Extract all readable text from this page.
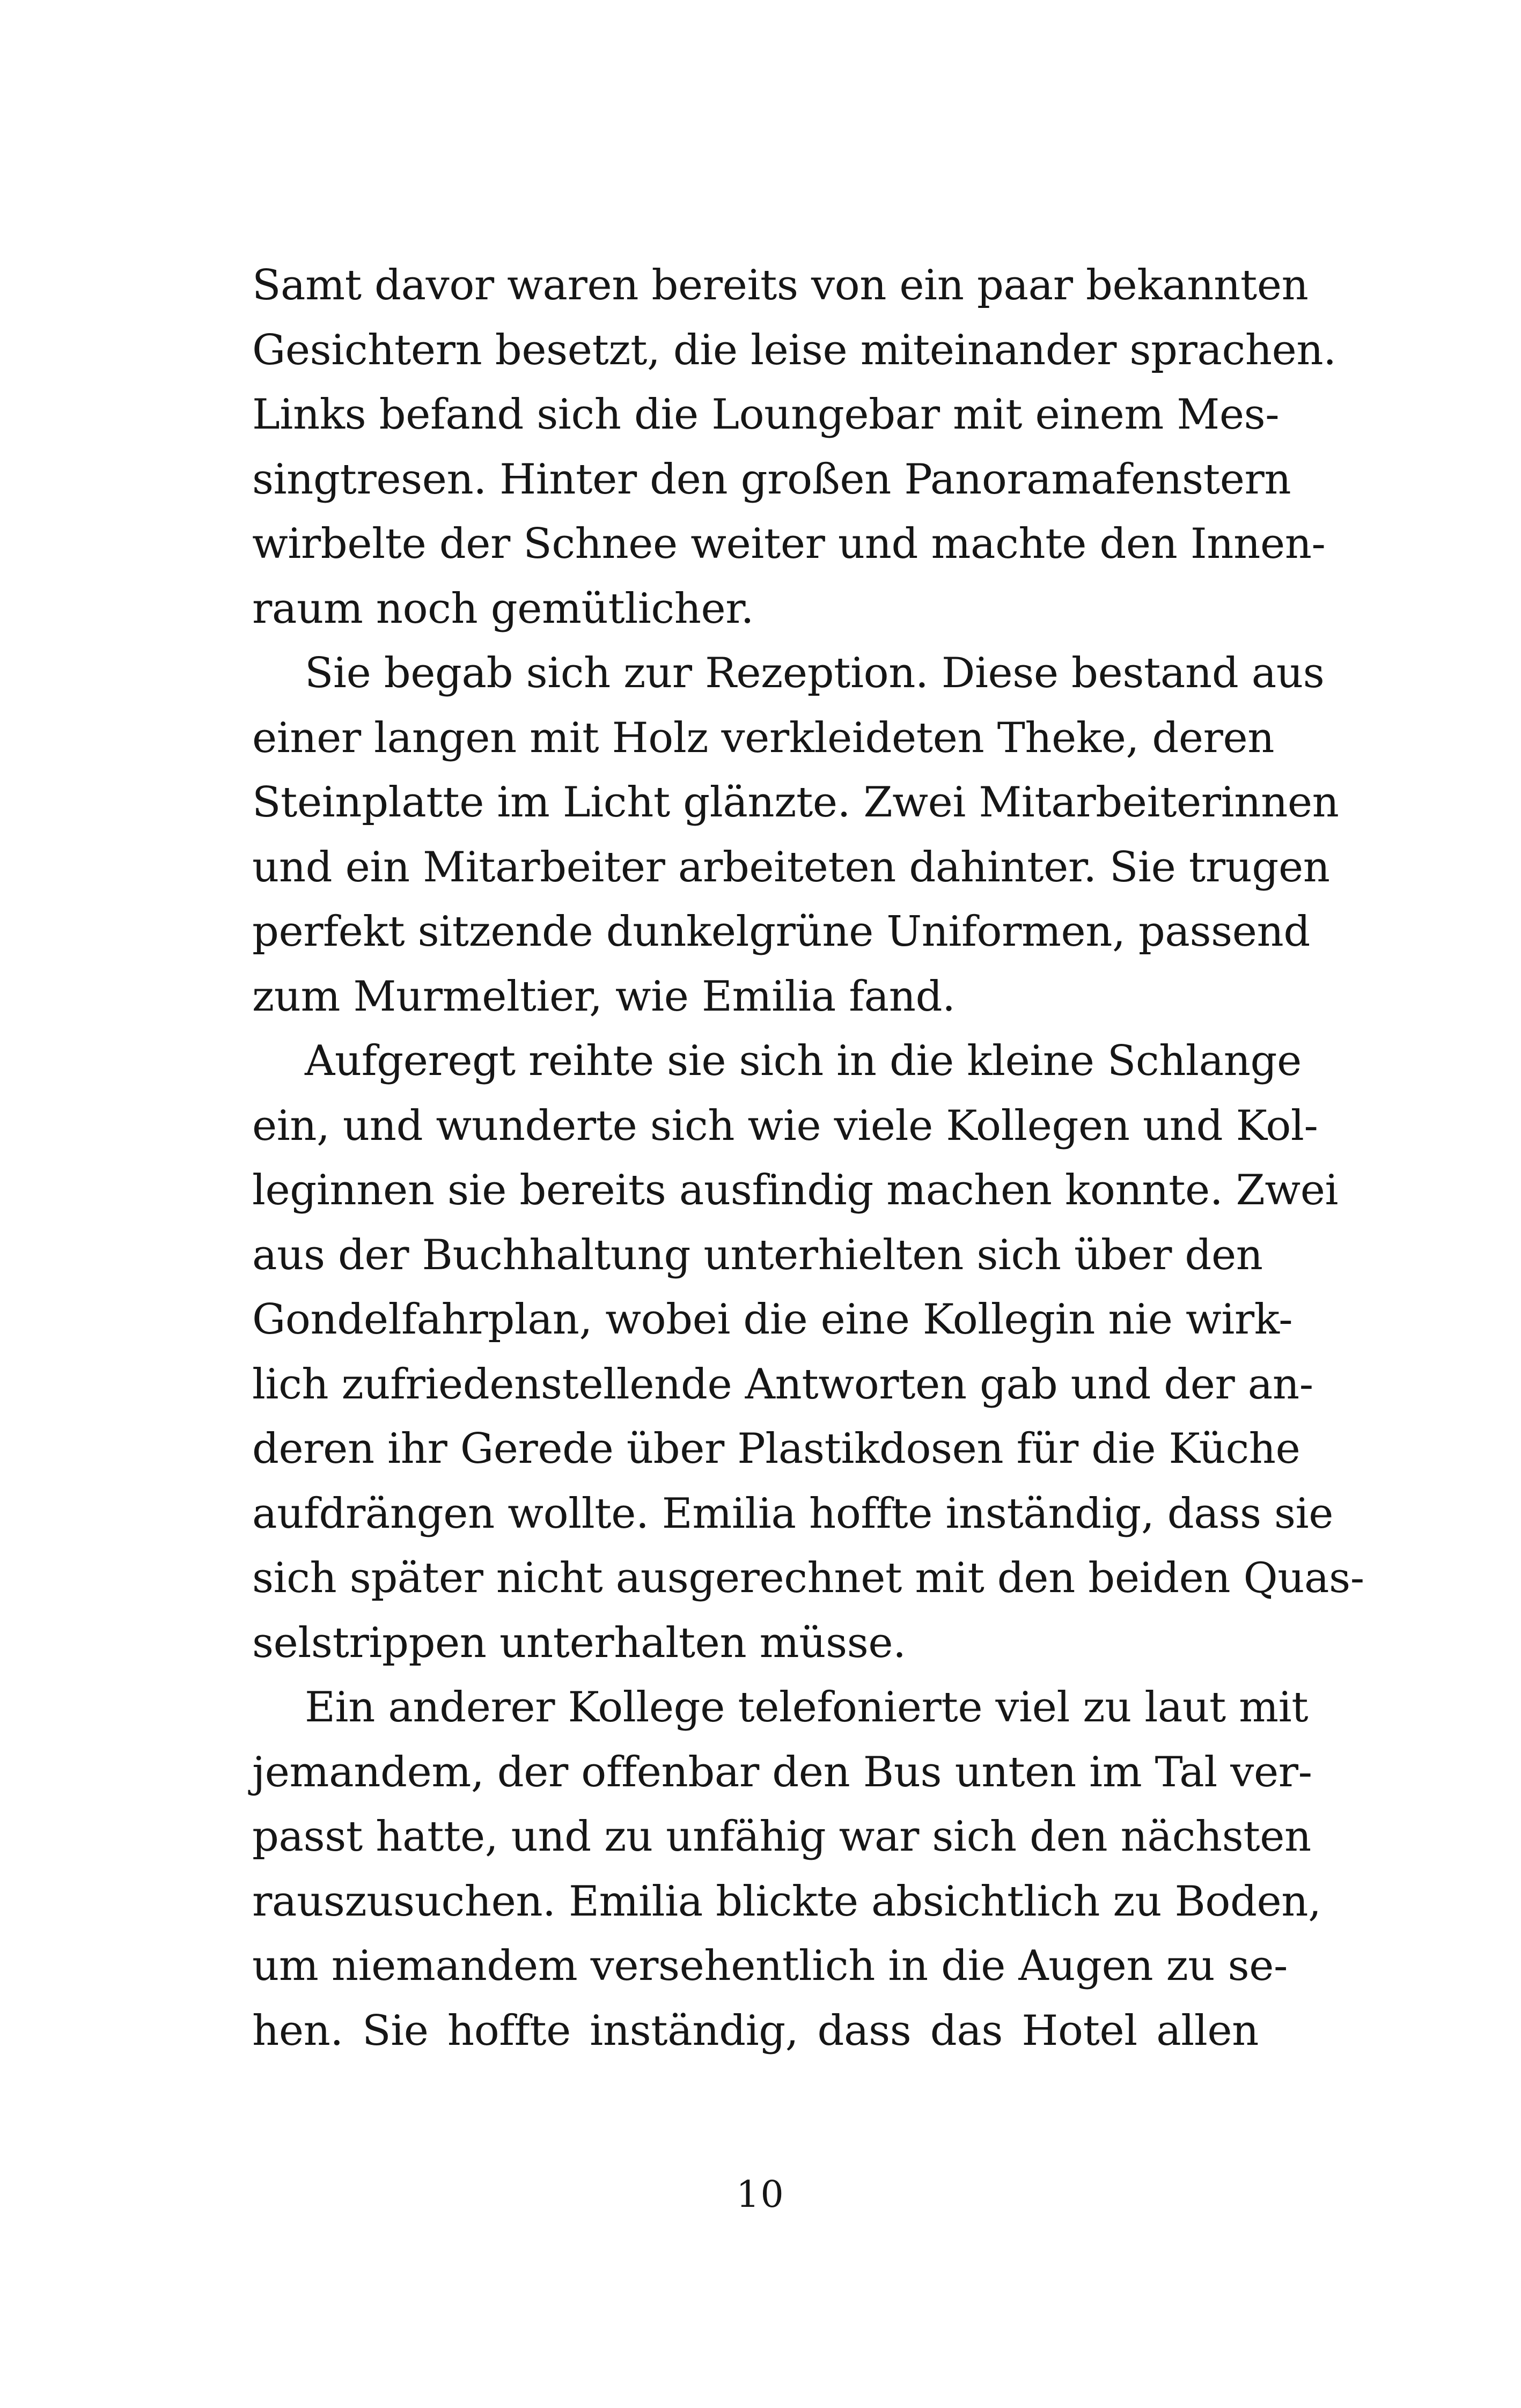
Samt davor waren bereits von ein paar bekannten
Gesichtern besetzt, die leise miteinander sprachen.
Links befand sich die Loungebar mit einem Mes-
singtresen. Hinter den großen Panoramafenstern
wirbelte der Schnee weiter und machte den Innen-
raum noch gemütlicher.
Sie begab sich zur Rezeption. Diese bestand aus
einer langen mit Holz verkleideten Theke, deren
Steinplatte im Licht glänzte. Zwei Mitarbeiterinnen
und ein Mitarbeiter arbeiteten dahinter. Sie trugen
perfekt sitzende dunkelgrüne Uniformen, passend
zum Murmeltier, wie Emilia fand.
Aufgeregt reihte sie sich in die kleine Schlange
ein, und wunderte sich wie viele Kollegen und Kol-
leginnen sie bereits ausfindig machen konnte. Zwei
aus der Buchhaltung unterhielten sich über den
Gondelfahrplan, wobei die eine Kollegin nie wirk-
lich zufriedenstellende Antworten gab und der an-
deren ihr Gerede über Plastikdosen für die Küche
aufdrängen wollte. Emilia hoffte inständig, dass sie
sich später nicht ausgerechnet mit den beiden Quas-
selstrippen unterhalten müsse.
Ein anderer Kollege telefonierte viel zu laut mit
jemandem, der offenbar den Bus unten im Tal ver-
passt hatte, und zu unfähig war sich den nächsten
rauszusuchen. Emilia blickte absichtlich zu Boden,
um niemandem versehentlich in die Augen zu se-
hen. Sie hoffte inständig, dass das Hotel allen
10
